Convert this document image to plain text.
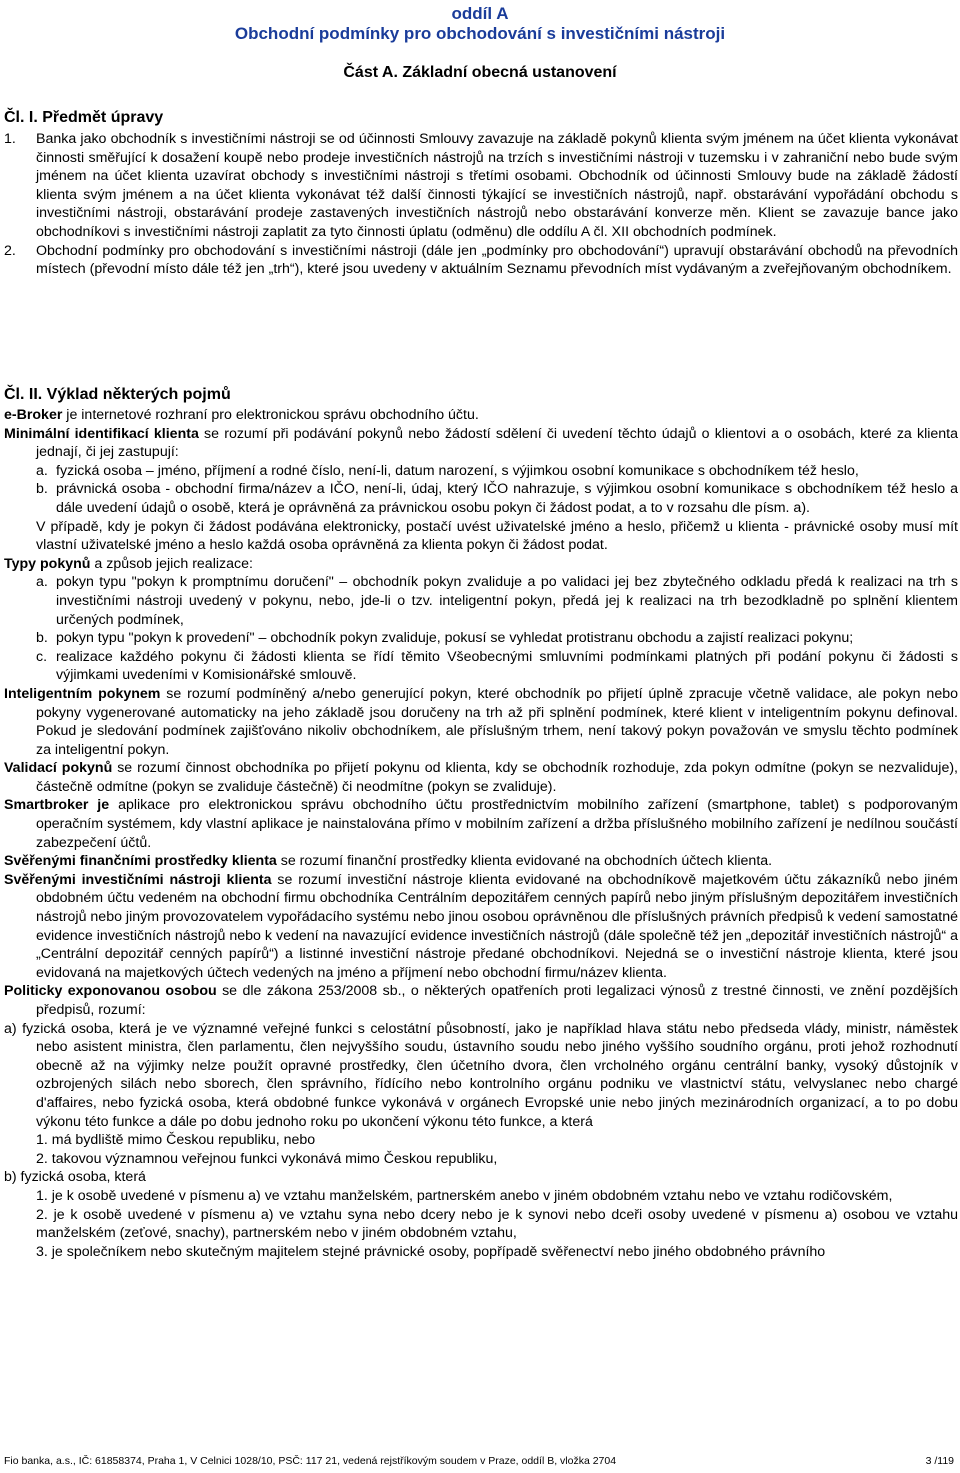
oddíl A
Obchodní podmínky pro obchodování s investičními nástroji
Část A. Základní obecná ustanovení
Čl. I. Předmět úpravy

1. Banka jako obchodník s investičními nástroji se od účinnosti Smlouvy zavazuje na základě pokynů klienta svým jménem na účet klienta vykonávat činnosti směřující k dosažení koupě nebo prodeje investičních nástrojů na trzích s investičními nástroji v tuzemsku i v zahraniční nebo bude svým jménem na účet klienta uzavírat obchody s investičními nástroji s třetími osobami. Obchodník od účinnosti Smlouvy bude na základě žádostí klienta svým jménem a na účet klienta vykonávat též další činnosti týkající se investičních nástrojů, např. obstarávání vypořádání obchodu s investičními nástroji, obstarávání prodeje zastavených investičních nástrojů nebo obstarávání konverze měn. Klient se zavazuje bance jako obchodníkovi s investičními nástroji zaplatit za tyto činnosti úplatu (odměnu) dle oddílu A čl. XII obchodních podmínek.

2. Obchodní podmínky pro obchodování s investičními nástroji (dále jen „podmínky pro obchodování“) upravují obstarávání obchodů na převodních místech (převodní místo dále též jen „trh“), které jsou uvedeny v aktuálním Seznamu převodních míst vydávaným a zveřejňovaným obchodníkem.

Čl. II. Výklad některých pojmů

e-Broker je internetové rozhraní pro elektronickou správu obchodního účtu.

Minimální identifikací klienta se rozumí při podávání pokynů nebo žádostí sdělení či uvedení těchto údajů o klientovi a o osobách, které za klienta jednají, či jej zastupují:

a. fyzická osoba – jméno, příjmení a rodné číslo, není-li, datum narození, s výjimkou osobní komunikace s obchodníkem též heslo,

b. právnická osoba - obchodní firma/název a IČO, není-li, údaj, který IČO nahrazuje, s výjimkou osobní komunikace s obchodníkem též heslo a dále uvedení údajů o osobě, která je oprávněná za právnickou osobu pokyn či žádost podat, a to v rozsahu dle písm. a).

V případě, kdy je pokyn či žádost podávána elektronicky, postačí uvést uživatelské jméno a heslo, přičemž u klienta - právnické osoby musí mít vlastní uživatelské jméno a heslo každá osoba oprávněná za klienta pokyn či žádost podat.

Typy pokynů a způsob jejich realizace:

a. pokyn typu "pokyn k promptnímu doručení" – obchodník pokyn zvaliduje a po validaci jej bez zbytečného odkladu předá k realizaci na trh s investičními nástroji uvedený v pokynu, nebo, jde-li o tzv. inteligentní pokyn, předá jej k realizaci na trh bezodkladně po splnění klientem určených podmínek,

b. pokyn typu "pokyn k provedení" – obchodník pokyn zvaliduje, pokusí se vyhledat protistranu obchodu a zajistí realizaci pokynu;

c. realizace každého pokynu či žádosti klienta se řídí těmito Všeobecnými smluvními podmínkami platných při podání pokynu či žádosti s výjimkami uvedeními v Komisionářské smlouvě.

Inteligentním pokynem se rozumí podmíněný a/nebo generující pokyn, které obchodník po přijetí úplně zpracuje včetně validace, ale pokyn nebo pokyny vygenerované automaticky na jeho základě jsou doručeny na trh až při splnění podmínek, které klient v inteligentním pokynu definoval. Pokud je sledování podmínek zajišťováno nikoliv obchodníkem, ale příslušným trhem, není takový pokyn považován ve smyslu těchto podmínek za inteligentní pokyn.

Validací pokynů se rozumí činnost obchodníka po přijetí pokynu od klienta, kdy se obchodník rozhoduje, zda pokyn odmítne (pokyn se nezvaliduje), částečně odmítne (pokyn se zvaliduje částečně) či neodmítne (pokyn se zvaliduje).

Smartbroker je aplikace pro elektronickou správu obchodního účtu prostřednictvím mobilního zařízení (smartphone, tablet) s podporovaným operačním systémem, kdy vlastní aplikace je nainstalována přímo v mobilním zařízení a držba příslušného mobilního zařízení je nedílnou součástí zabezpečení účtů.

Svěřenými finančními prostředky klienta se rozumí finanční prostředky klienta evidované na obchodních účtech klienta.

Svěřenými investičními nástroji klienta se rozumí investiční nástroje klienta evidované na obchodníkově majetkovém účtu zákazníků nebo jiném obdobném účtu vedeném na obchodní firmu obchodníka Centrálním depozitářem cenných papírů nebo jiným příslušným depozitářem investičních nástrojů nebo jiným provozovatelem vypořádacího systému nebo jinou osobou oprávněnou dle příslušných právních předpisů k vedení samostatné evidence investičních nástrojů nebo k vedení na navazující evidence investičních nástrojů (dále společně též jen „depozitář investičních nástrojů“ a „Centrální depozitář cenných papírů“) a listinné investiční nástroje předané obchodníkovi. Nejedná se o investiční nástroje klienta, které jsou evidovaná na majetkových účtech vedených na jméno a příjmení nebo obchodní firmu/název klienta.

Politicky exponovanou osobou se dle zákona 253/2008 sb., o některých opatřeních proti legalizaci výnosů z trestné činnosti, ve znění pozdějších předpisů, rozumí:

a) fyzická osoba, která je ve významné veřejné funkci s celostátní působností, jako je například hlava státu nebo předseda vlády, ministr, náměstek nebo asistent ministra, člen parlamentu, člen nejvyššího soudu, ústavního soudu nebo jiného vyššího soudního orgánu, proti jehož rozhodnutí obecně až na výjimky nelze použít opravné prostředky, člen účetního dvora, člen vrcholného orgánu centrální banky, vysoký důstojník v ozbrojených silách nebo sborech, člen správního, řídícího nebo kontrolního orgánu podniku ve vlastnictví státu, velvyslanec nebo chargé d'affaires, nebo fyzická osoba, která obdobné funkce vykonává v orgánech Evropské unie nebo jiných mezinárodních organizací, a to po dobu výkonu této funkce a dále po dobu jednoho roku po ukončení výkonu této funkce, a která

1. má bydliště mimo Českou republiku, nebo

2. takovou významnou veřejnou funkci vykonává mimo Českou republiku,

b) fyzická osoba, která

1. je k osobě uvedené v písmenu a) ve vztahu manželském, partnerském anebo v jiném obdobném vztahu nebo ve vztahu rodičovském,

2. je k osobě uvedené v písmenu a) ve vztahu syna nebo dcery nebo je k synovi nebo dceři osoby uvedené v písmenu a) osobou ve vztahu manželském (zeťové, snachy), partnerském nebo v jiném obdobném vztahu,

3. je společníkem nebo skutečným majitelem stejné právnické osoby, popřípadě svěřenectví nebo jiného obdobného právního

Fio banka, a.s., IČ: 61858374, Praha 1, V Celnici 1028/10, PSČ: 117 21, vedená rejstříkovým soudem v Praze, oddíl B, vložka 2704	3 /119
